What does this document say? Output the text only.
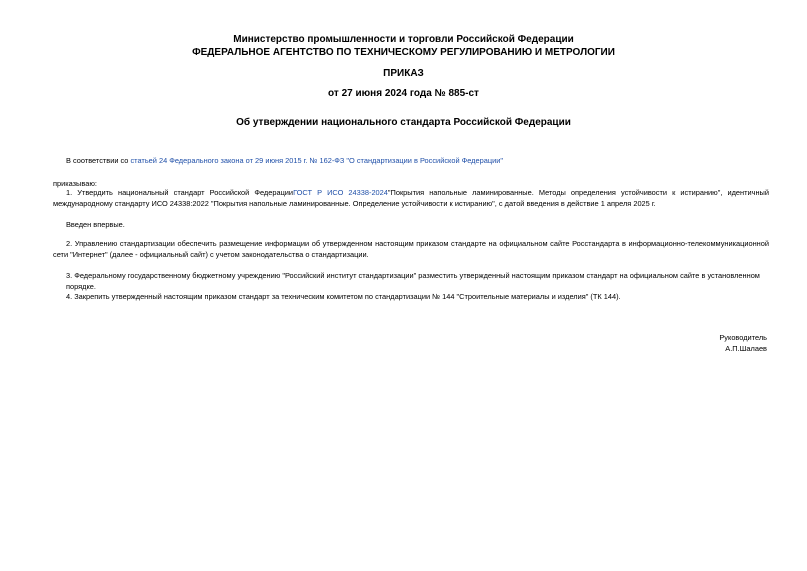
Министерство промышленности и торговли Российской Федерации
ФЕДЕРАЛЬНОЕ АГЕНТСТВО ПО ТЕХНИЧЕСКОМУ РЕГУЛИРОВАНИЮ И МЕТРОЛОГИИ
ПРИКАЗ
от 27 июня 2024 года № 885-ст
Об утверждении национального стандарта Российской Федерации
В соответствии со статьей 24 Федерального закона от 29 июня 2015 г. № 162-ФЗ "О стандартизации в Российской Федерации"
приказываю:
1. Утвердить национальный стандарт Российской ФедерацииГОСТ Р ИСО 24338-2024"Покрытия напольные ламинированные. Методы определения устойчивости к истиранию", идентичный международному стандарту ИСО 24338:2022 "Покрытия напольные ламинированные. Определение устойчивости к истиранию", с датой введения в действие 1 апреля 2025 г.
Введен впервые.
2. Управлению стандартизации обеспечить размещение информации об утвержденном настоящим приказом стандарте на официальном сайте Росстандарта в информационно-телекоммуникационной сети "Интернет" (далее - официальный сайт) с учетом законодательства о стандартизации.
3. Федеральному государственному бюджетному учреждению "Российский институт стандартизации" разместить утвержденный настоящим приказом стандарт на официальном сайте в установленном порядке.
4. Закрепить утвержденный настоящим приказом стандарт за техническим комитетом по стандартизации № 144 "Строительные материалы и изделия" (ТК 144).
Руководитель
А.П.Шалаев
